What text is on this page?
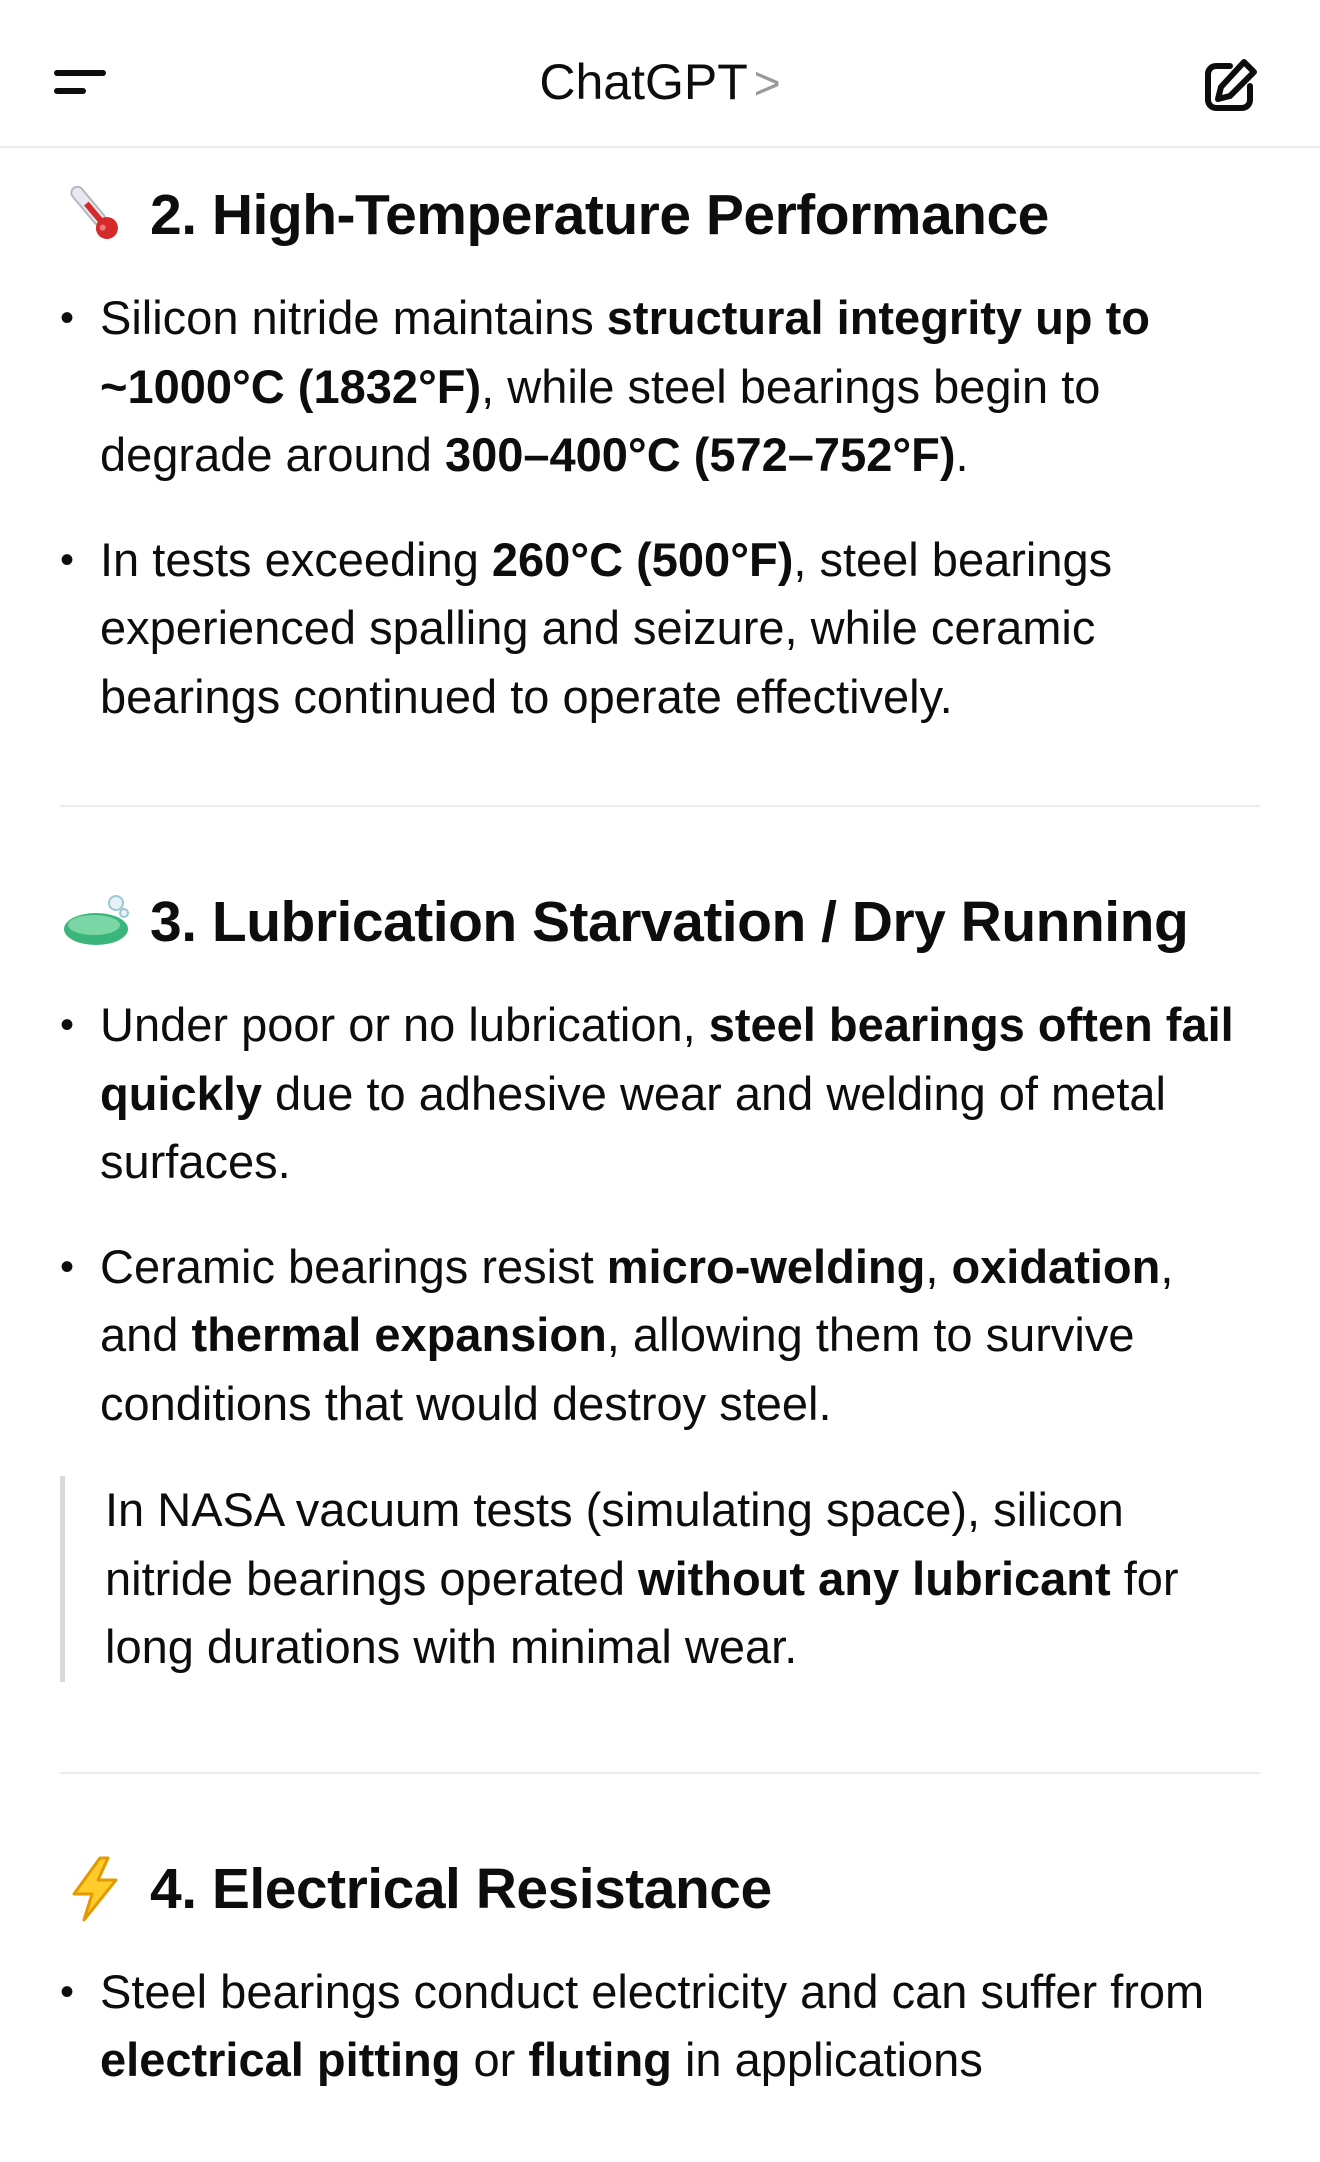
ChatGPT >
2. High-Temperature Performance
• Silicon nitride maintains structural integrity up to ~1000°C (1832°F), while steel bearings begin to degrade around 300–400°C (572–752°F).
• In tests exceeding 260°C (500°F), steel bearings experienced spalling and seizure, while ceramic bearings continued to operate effectively.
3. Lubrication Starvation / Dry Running
• Under poor or no lubrication, steel bearings often fail quickly due to adhesive wear and welding of metal surfaces.
• Ceramic bearings resist micro-welding, oxidation, and thermal expansion, allowing them to survive conditions that would destroy steel.
In NASA vacuum tests (simulating space), silicon nitride bearings operated without any lubricant for long durations with minimal wear.
4. Electrical Resistance
• Steel bearings conduct electricity and can suffer from electrical pitting or fluting in applications
